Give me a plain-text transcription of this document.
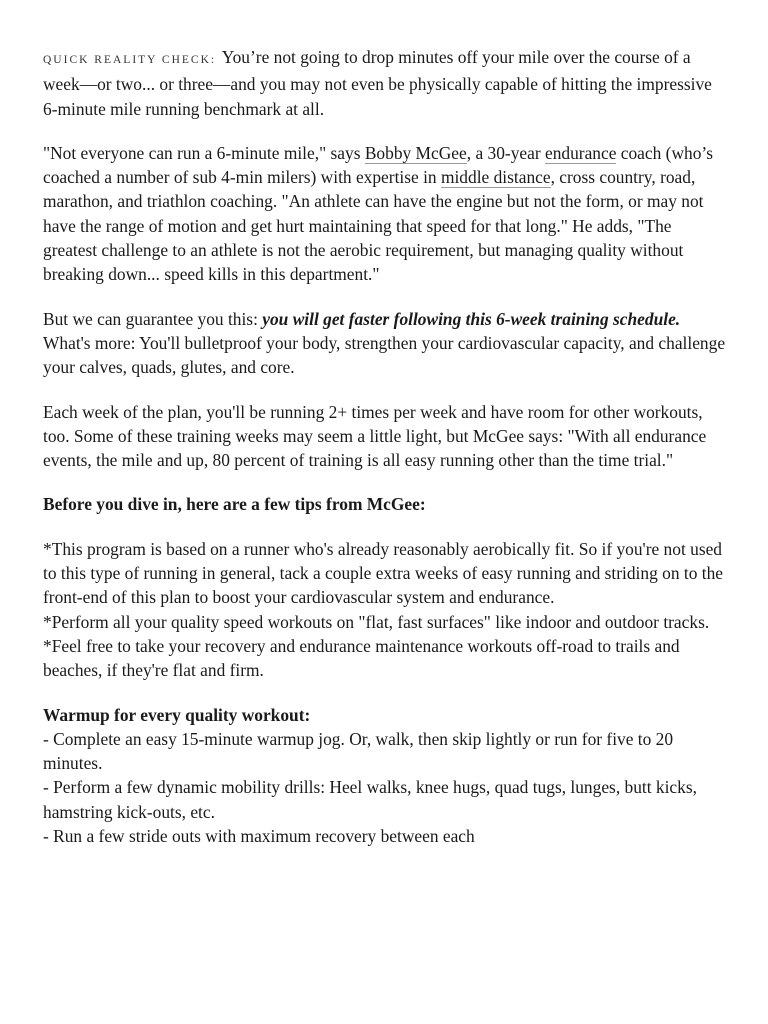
QUICK REALITY CHECK: You’re not going to drop minutes off your mile over the course of a week—or two... or three—and you may not even be physically capable of hitting the impressive 6-minute mile running benchmark at all.

"Not everyone can run a 6-minute mile," says Bobby McGee, a 30-year endurance coach (who’s coached a number of sub 4-min milers) with expertise in middle distance, cross country, road, marathon, and triathlon coaching. "An athlete can have the engine but not the form, or may not have the range of motion and get hurt maintaining that speed for that long." He adds, "The greatest challenge to an athlete is not the aerobic requirement, but managing quality without breaking down... speed kills in this department."

But we can guarantee you this: you will get faster following this 6-week training schedule. What's more: You'll bulletproof your body, strengthen your cardiovascular capacity, and challenge your calves, quads, glutes, and core.

Each week of the plan, you'll be running 2+ times per week and have room for other workouts, too. Some of these training weeks may seem a little light, but McGee says: "With all endurance events, the mile and up, 80 percent of training is all easy running other than the time trial."

Before you dive in, here are a few tips from McGee:

*This program is based on a runner who's already reasonably aerobically fit. So if you're not used to this type of running in general, tack a couple extra weeks of easy running and striding on to the front-end of this plan to boost your cardiovascular system and endurance.

*Perform all your quality speed workouts on "flat, fast surfaces" like indoor and outdoor tracks.

*Feel free to take your recovery and endurance maintenance workouts off-road to trails and beaches, if they're flat and firm.

Warmup for every quality workout:

- Complete an easy 15-minute warmup jog. Or, walk, then skip lightly or run for five to 20 minutes.

- Perform a few dynamic mobility drills: Heel walks, knee hugs, quad tugs, lunges, butt kicks, hamstring kick-outs, etc.

- Run a few stride outs with maximum recovery between each
